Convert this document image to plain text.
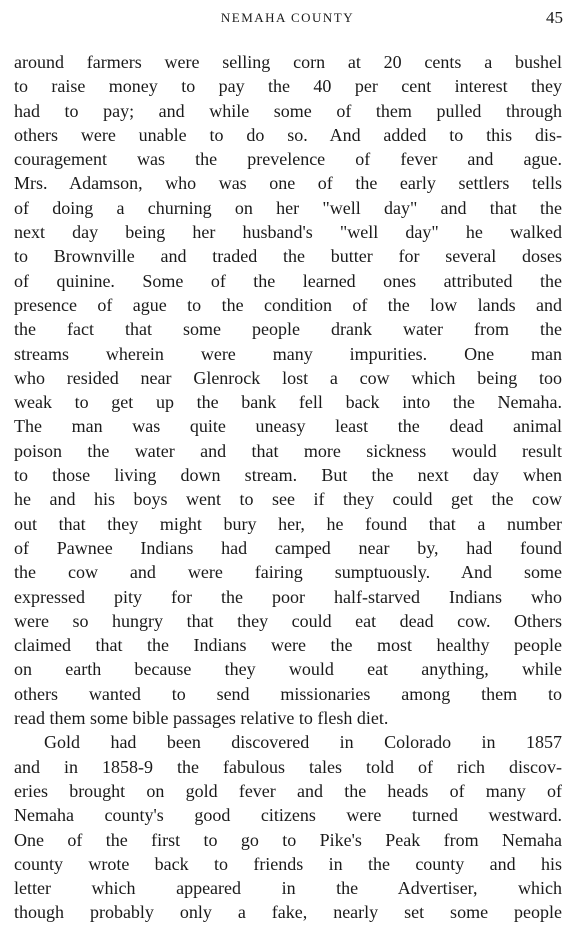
NEMAHA COUNTY	45
around farmers were selling corn at 20 cents a bushel
to raise money to pay the 40 per cent interest they
had to pay; and while some of them pulled through
others were unable to do so. And added to this dis-
couragement was the prevelence of fever and ague.
Mrs. Adamson, who was one of the early settlers tells
of doing a churning on her "well day" and that the
next day being her husband's "well day" he walked
to Brownville and traded the butter for several doses
of quinine. Some of the learned ones attributed the
presence of ague to the condition of the low lands and
the fact that some people drank water from the
streams wherein were many impurities. One man
who resided near Glenrock lost a cow which being too
weak to get up the bank fell back into the Nemaha.
The man was quite uneasy least the dead animal
poison the water and that more sickness would result
to those living down stream. But the next day when
he and his boys went to see if they could get the cow
out that they might bury her, he found that a number
of Pawnee Indians had camped near by, had found
the cow and were fairing sumptuously. And some
expressed pity for the poor half-starved Indians who
were so hungry that they could eat dead cow. Others
claimed that the Indians were the most healthy people
on earth because they would eat anything, while
others wanted to send missionaries among them to
read them some bible passages relative to flesh diet.
Gold had been discovered in Colorado in 1857
and in 1858-9 the fabulous tales told of rich discov-
eries brought on gold fever and the heads of many of
Nemaha county's good citizens were turned westward.
One of the first to go to Pike's Peak from Nemaha
county wrote back to friends in the county and his
letter which appeared in the Advertiser, which
though probably only a fake, nearly set some people
